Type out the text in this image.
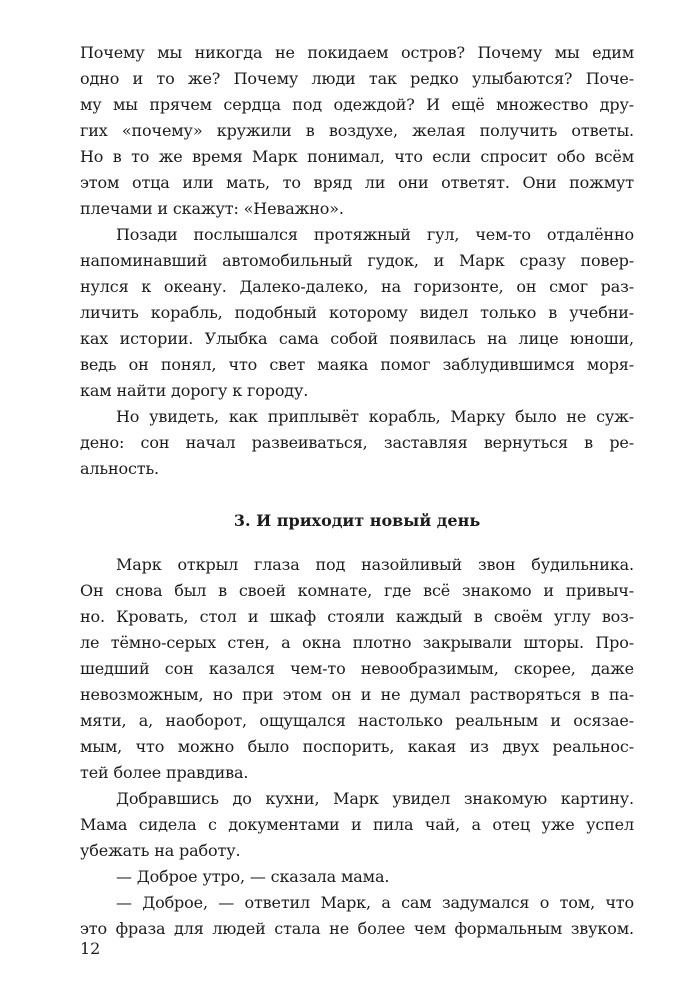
Почему мы никогда не покидаем остров? Почему мы едим
одно и то же? Почему люди так редко улыбаются? Поче-
му мы прячем сердца под одеждой? И ещё множество дру-
гих «почему» кружили в воздухе, желая получить ответы.
Но в то же время Марк понимал, что если спросит обо всём
этом отца или мать, то вряд ли они ответят. Они пожмут
плечами и скажут: «Неважно».
Позади послышался протяжный гул, чем-то отдалённо
напоминавший автомобильный гудок, и Марк сразу повер-
нулся к океану. Далеко-далеко, на горизонте, он смог раз-
личить корабль, подобный которому видел только в учебни-
ках истории. Улыбка сама собой появилась на лице юноши,
ведь он понял, что свет маяка помог заблудившимся моря-
кам найти дорогу к городу.
Но увидеть, как приплывёт корабль, Марку было не суж-
дено: сон начал развеиваться, заставляя вернуться в ре-
альность.
3. И приходит новый день
Марк открыл глаза под назойливый звон будильника.
Он снова был в своей комнате, где всё знакомо и привыч-
но. Кровать, стол и шкаф стояли каждый в своём углу воз-
ле тёмно-серых стен, а окна плотно закрывали шторы. Про-
шедший сон казался чем-то невообразимым, скорее, даже
невозможным, но при этом он и не думал растворяться в па-
мяти, а, наоборот, ощущался настолько реальным и осязае-
мым, что можно было поспорить, какая из двух реальнос-
тей более правдива.
Добравшись до кухни, Марк увидел знакомую картину.
Мама сидела с документами и пила чай, а отец уже успел
убежать на работу.
— Доброе утро, — сказала мама.
— Доброе, — ответил Марк, а сам задумался о том, что
это фраза для людей стала не более чем формальным звуком.
12
